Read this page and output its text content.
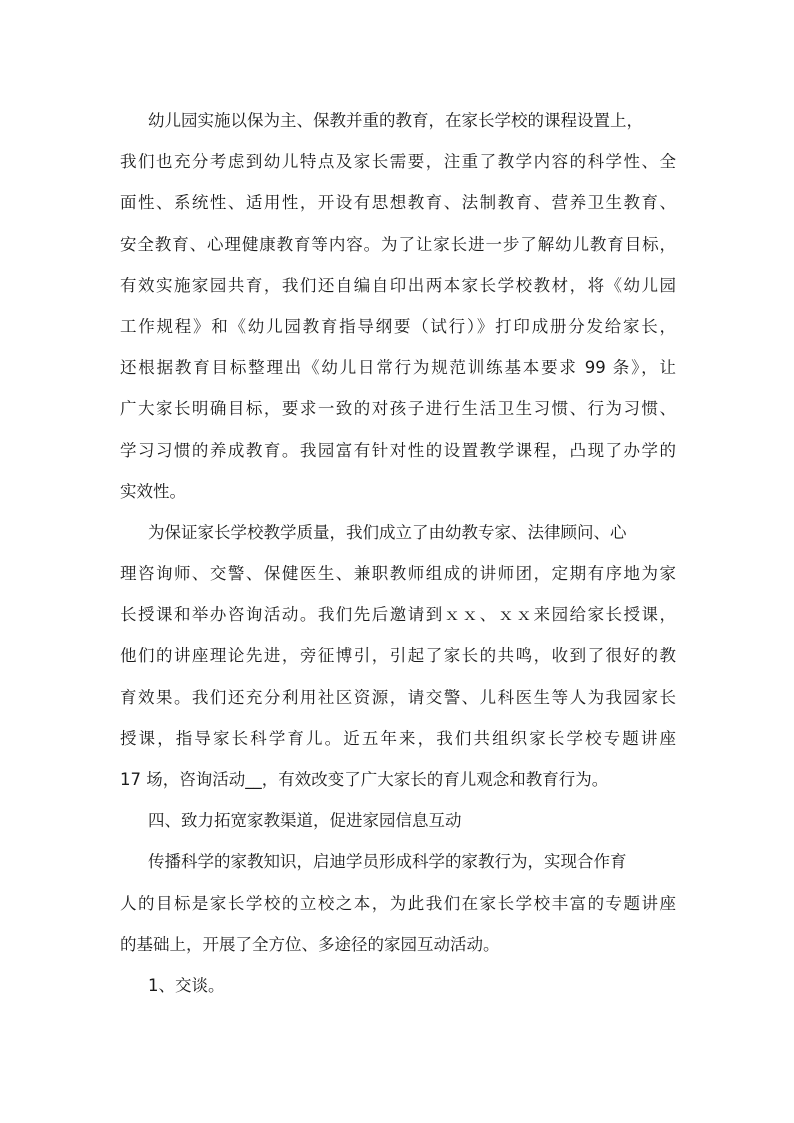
幼儿园实施以保为主、保教并重的教育，在家长学校的课程设置上，
我们也充分考虑到幼儿特点及家长需要，注重了教学内容的科学性、全
面性、系统性、适用性，开设有思想教育、法制教育、营养卫生教育、
安全教育、心理健康教育等内容。为了让家长进一步了解幼儿教育目标，
有效实施家园共育，我们还自编自印出两本家长学校教材，将《幼儿园
工作规程》和《幼儿园教育指导纲要（试行）》打印成册分发给家长，
还根据教育目标整理出《幼儿日常行为规范训练基本要求 99 条》，让
广大家长明确目标，要求一致的对孩子进行生活卫生习惯、行为习惯、
学习习惯的养成教育。我园富有针对性的设置教学课程，凸现了办学的
实效性。
为保证家长学校教学质量，我们成立了由幼教专家、法律顾问、心
理咨询师、交警、保健医生、兼职教师组成的讲师团，定期有序地为家
长授课和举办咨询活动。我们先后邀请到ｘｘ、ｘｘ来园给家长授课，
他们的讲座理论先进，旁征博引，引起了家长的共鸣，收到了很好的教
育效果。我们还充分利用社区资源，请交警、儿科医生等人为我园家长
授课，指导家长科学育儿。近五年来，我们共组织家长学校专题讲座
17 场，咨询活动__，有效改变了广大家长的育儿观念和教育行为。
四、致力拓宽家教渠道，促进家园信息互动
传播科学的家教知识，启迪学员形成科学的家教行为，实现合作育
人的目标是家长学校的立校之本，为此我们在家长学校丰富的专题讲座
的基础上，开展了全方位、多途径的家园互动活动。
1、交谈。
